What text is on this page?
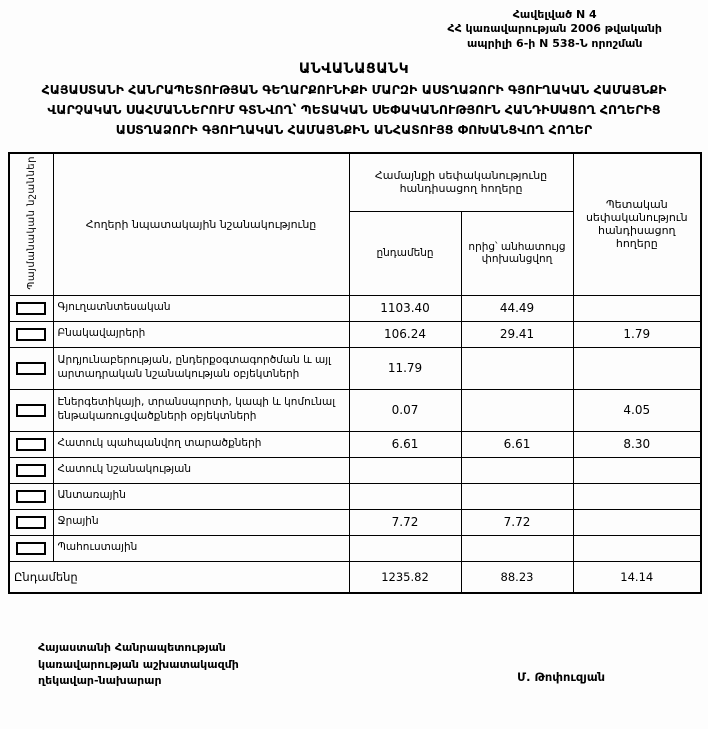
Հավելված N 4
ՀՀ կառավարության 2006 թվականի
ապրիլի 6-ի N 538-Ն որոշման
ԱՆՎԱՆԱՑԱՆԿ
ՀԱՅԱՍՏԱՆԻ ՀԱՆՐԱՊԵՏՈՒԹՅԱՆ ԳԵՂԱՐՔՈՒՆԻՔԻ ՄԱՐԶԻ ԱՍՏՂԱՁՈՐԻ ԳՅՈՒՂԱԿԱՆ ՀԱՄԱՅՆՔԻ ՎԱՐՉԱԿԱՆ ՍԱՀՄԱՆՆԵՐՈՒՄ ԳՏՆՎՈՂ՝ ՊԵՏԱԿԱՆ ՍԵՓԱԿԱՆՈՒԹՅՈՒՆ ՀԱՆԴԻՍԱՑՈՂ ՀՈՂԵՐԻՑ ԱՍՏՂԱՁՈՐԻ ԳՅՈՒՂԱԿԱՆ ՀԱՄԱՅՆՔԻՆ ԱՆՀԱՏՈՒՅՑ ՓՈԽԱՆՑՎՈՂ ՀՈՂԵՐ
Պայմանական նշաններ	Հողերի նպատակային նշանակությունը	Համայնքի սեփականությունը հանդիսացող հողերը		Պետական սեփականություն հանդիսացող հողերը
		ընդամենը	որից՝ անհատույց փոխանցվող	
	Գյուղատնտեսական	1103.40	44.49	
	Բնակավայրերի	106.24	29.41	1.79
	Արդյունաբերության, ընդերքօգտագործման և այլ արտադրական նշանակության օբյեկտների	11.79		
	Էներգետիկայի, տրանսպորտի, կապի և կոմունալ ենթակառուցվածքների օբյեկտների	0.07		4.05
	Հատուկ պահպանվող տարածքների	6.61	6.61	8.30
	Հատուկ նշանակության			
	Անտառային			
	Ջրային	7.72	7.72	
	Պահուստային			
Ընդամենը		1235.82	88.23	14.14
Հայաստանի Հանրապետության
կառավարության աշխատակազմի
ղեկավար-նախարար	Մ. Թոփուզյան
